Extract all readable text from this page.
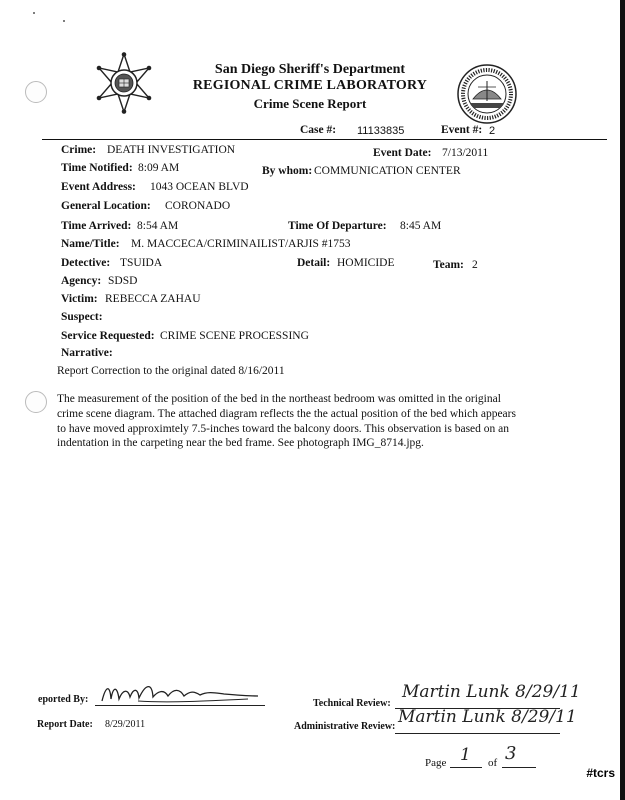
San Diego Sheriff's Department
REGIONAL CRIME LABORATORY
Crime Scene Report
Case #: 11133835	Event #: 2
Crime: DEATH INVESTIGATION	Event Date: 7/13/2011
Time Notified: 8:09 AM	By whom: COMMUNICATION CENTER
Event Address: 1043 OCEAN BLVD
General Location: CORONADO
Time Arrived: 8:54 AM	Time Of Departure: 8:45 AM
Name/Title: M. MACCECA/CRIMINAILIST/ARJIS #1753
Detective: TSUIDA	Detail: HOMICIDE	Team: 2
Agency: SDSD
Victim: REBECCA ZAHAU
Suspect:
Service Requested: CRIME SCENE PROCESSING
Narrative:
Report Correction to the original dated 8/16/2011
The measurement of the position of the bed in the northeast bedroom was omitted in the original crime scene diagram. The attached diagram reflects the the actual position of the bed which appears to have moved approximtely 7.5-inches toward the balcony doors. This observation is based on an indentation in the carpeting near the bed frame. See photograph IMG_8714.jpg.
eported By:
Report Date: 8/29/2011
Technical Review:
Martin Lunk 8/29/11
Administrative Review: Martin Lunk 8/29/11
Page 1 of 3
#tcrs
